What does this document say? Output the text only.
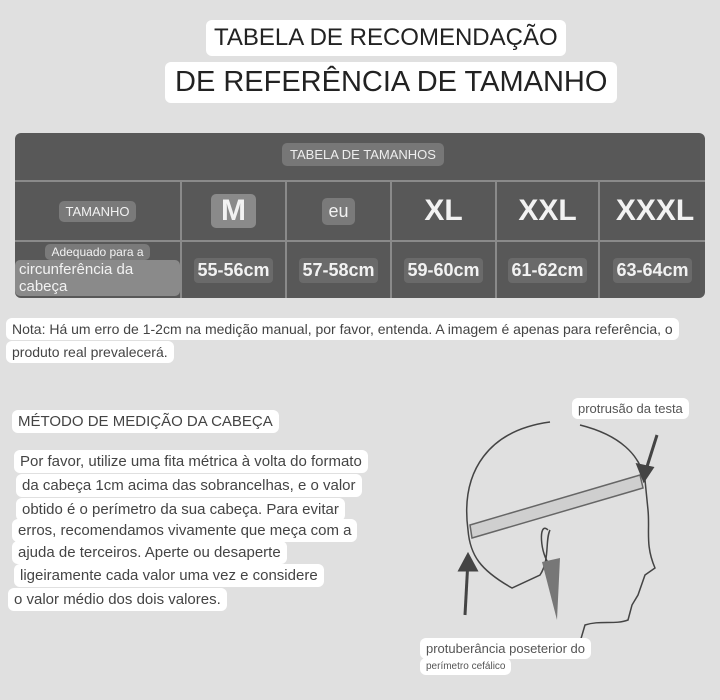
TABELA DE RECOMENDAÇÃO
DE REFERÊNCIA DE TAMANHO
TABELA DE TAMANHOS
TAMANHO	M	eu	XL	XXL	XXXL
Adequado para a
circunferência da cabeça
55-56cm 57-58cm 59-60cm 61-62cm 63-64cm
Nota: Há um erro de 1-2cm na medição manual, por favor, entenda. A imagem é apenas para referência, o
produto real prevalecerá.
MÉTODO DE MEDIÇÃO DA CABEÇA
Por favor, utilize uma fita métrica à volta do formato
da cabeça 1cm acima das sobrancelhas, e o valor
obtido é o perímetro da sua cabeça. Para evitar
erros, recomendamos vivamente que meça com a
ajuda de terceiros. Aperte ou desaperte
ligeiramente cada valor uma vez e considere
o valor médio dos dois valores.
protrusão da testa
protuberância poseterior do
perímetro cefálico
